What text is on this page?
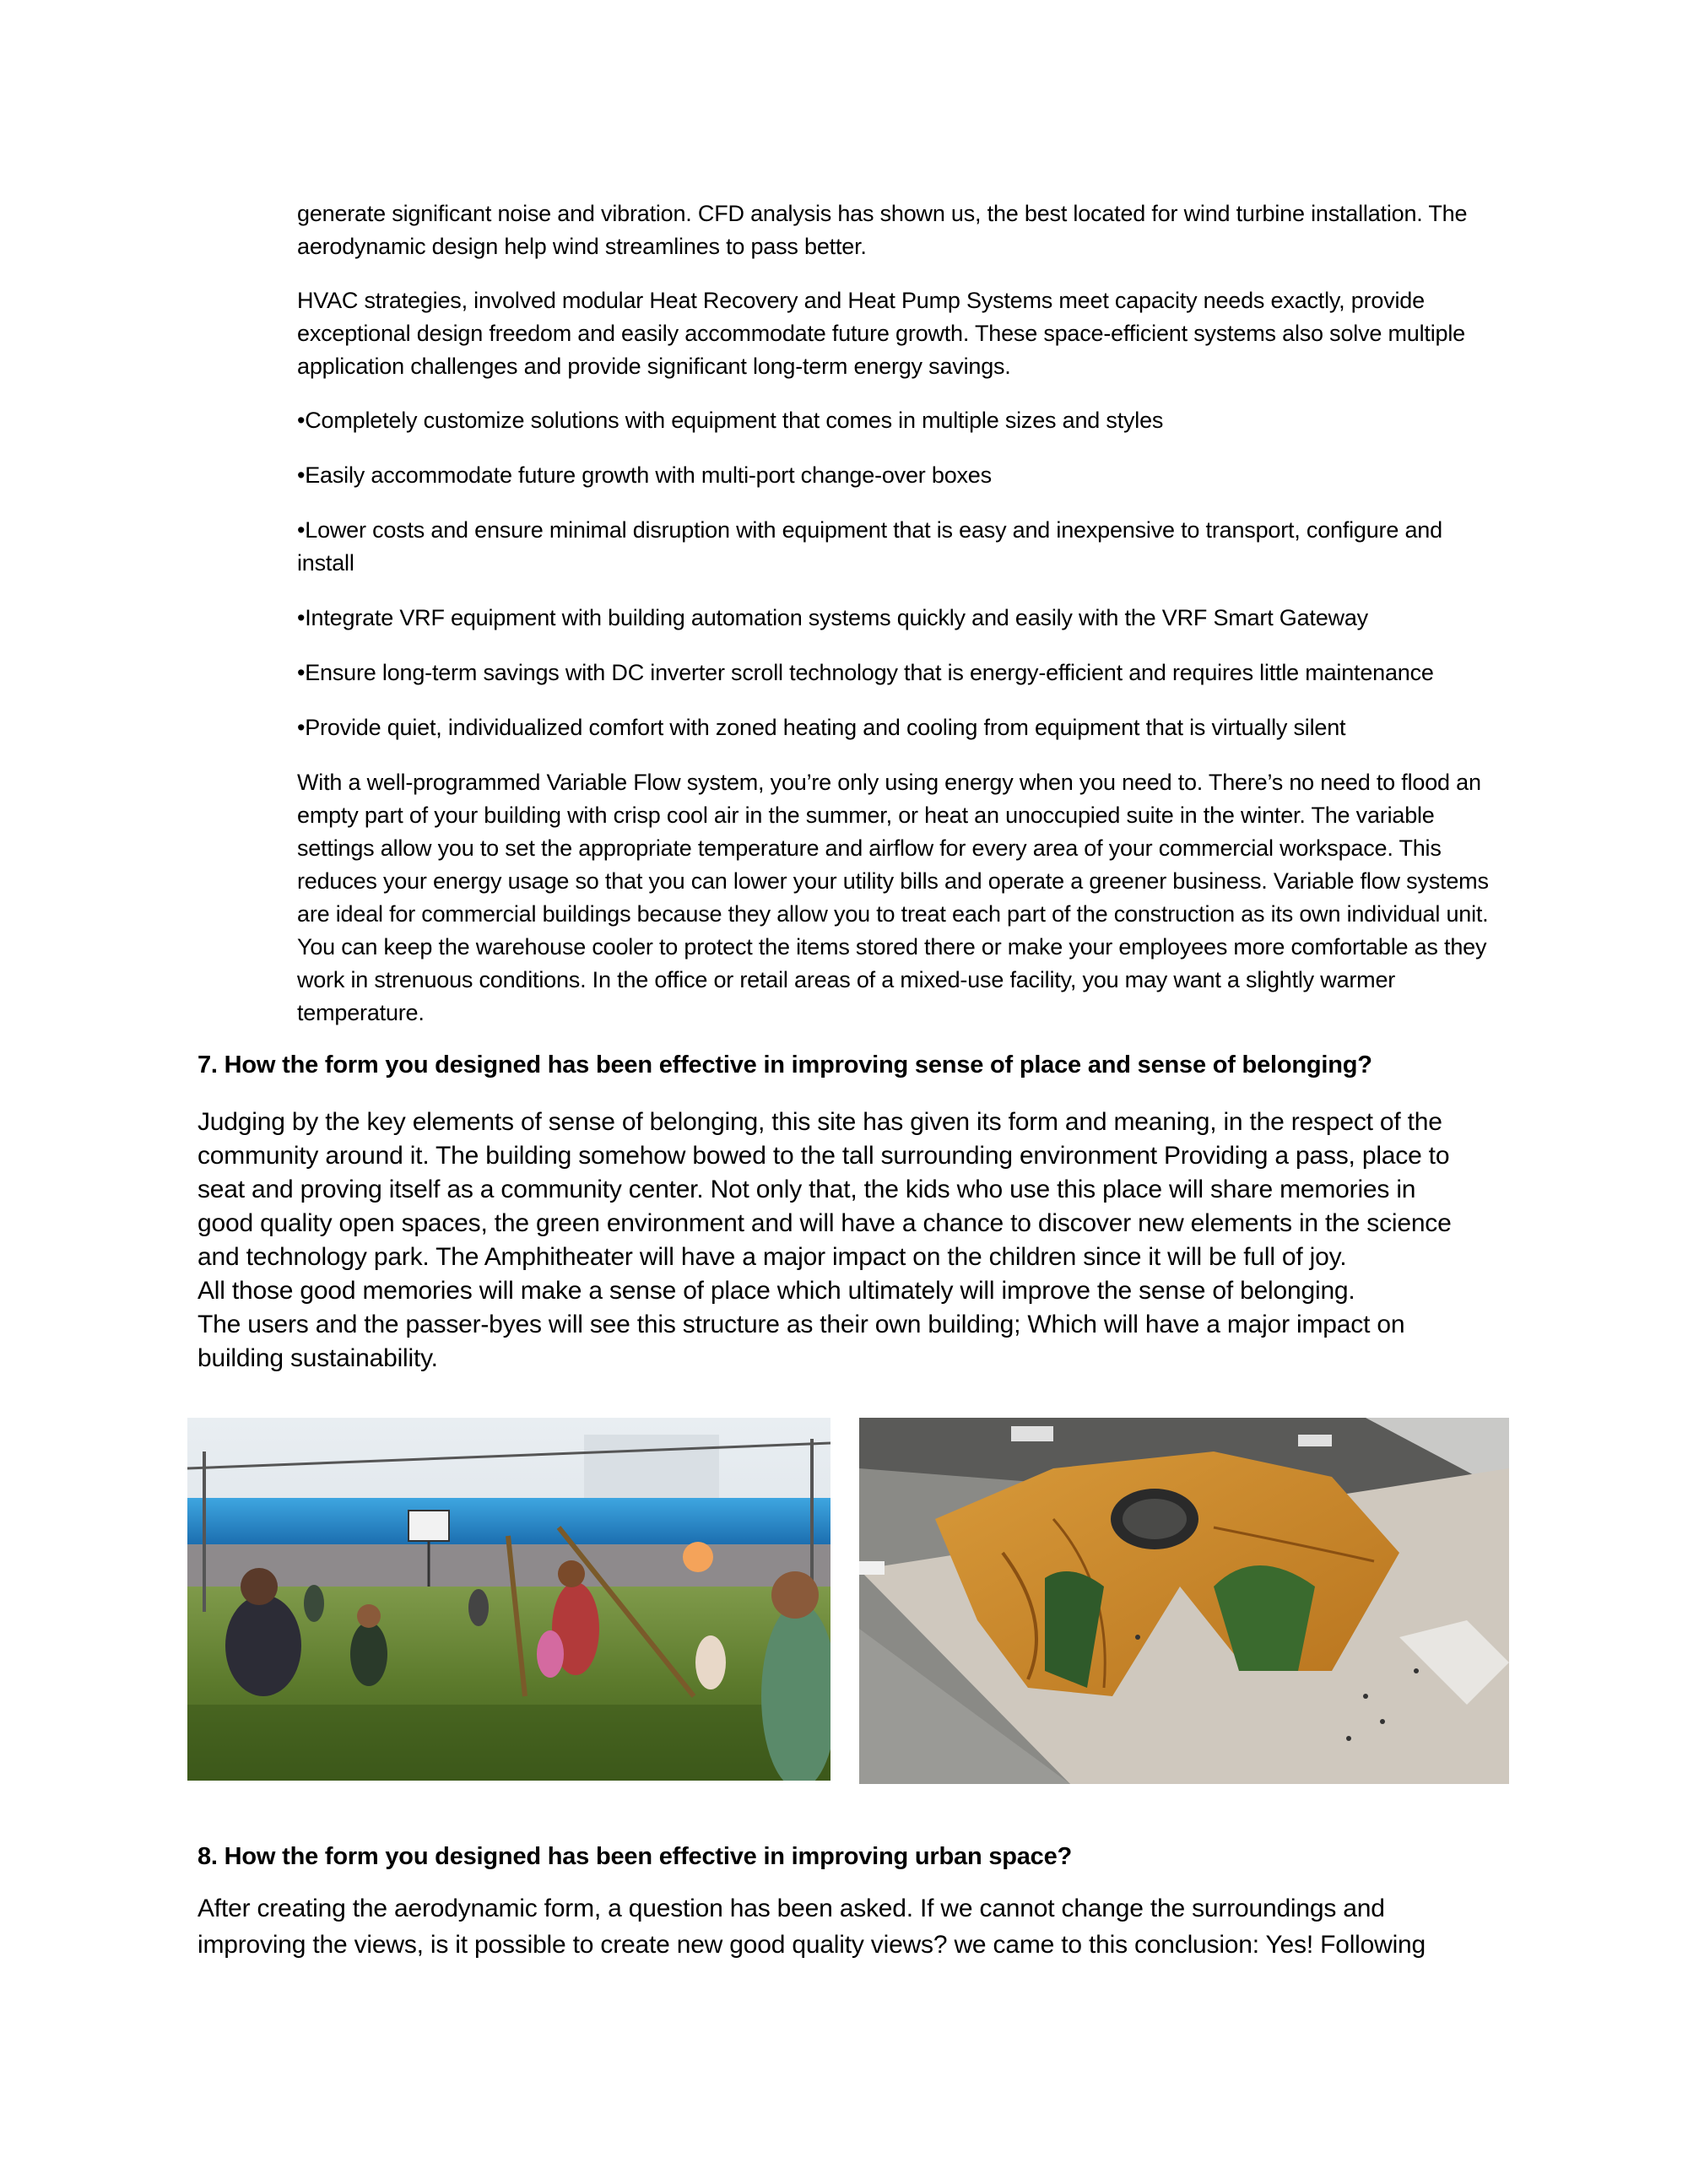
generate significant noise and vibration. CFD analysis has shown us, the best located for wind turbine installation. The aerodynamic design help wind streamlines to pass better.

HVAC strategies, involved modular Heat Recovery and Heat Pump Systems meet capacity needs exactly, provide exceptional design freedom and easily accommodate future growth. These space-efficient systems also solve multiple application challenges and provide significant long-term energy savings.

•Completely customize solutions with equipment that comes in multiple sizes and styles

•Easily accommodate future growth with multi-port change-over boxes

•Lower costs and ensure minimal disruption with equipment that is easy and inexpensive to transport, configure and install

•Integrate VRF equipment with building automation systems quickly and easily with the VRF Smart Gateway

•Ensure long-term savings with DC inverter scroll technology that is energy-efficient and requires little maintenance

•Provide quiet, individualized comfort with zoned heating and cooling from equipment that is virtually silent

With a well-programmed Variable Flow system, you’re only using energy when you need to. There’s no need to flood an empty part of your building with crisp cool air in the summer, or heat an unoccupied suite in the winter. The variable settings allow you to set the appropriate temperature and airflow for every area of your commercial workspace. This reduces your energy usage so that you can lower your utility bills and operate a greener business. Variable flow systems are ideal for commercial buildings because they allow you to treat each part of the construction as its own individual unit. You can keep the warehouse cooler to protect the items stored there or make your employees more comfortable as they work in strenuous conditions. In the office or retail areas of a mixed-use facility, you may want a slightly warmer temperature.

7. How the form you designed has been effective in improving sense of place and sense of belonging?

Judging by the key elements of sense of belonging, this site has given its form and meaning, in the respect of the
community around it. The building somehow bowed to the tall surrounding environment Providing a pass, place to
seat and proving itself as a community center. Not only that, the kids who use this place will share memories in
good quality open spaces, the green environment and will have a chance to discover new elements in the science
and technology park. The Amphitheater will have a major impact on the children since it will be full of joy.
All those good memories will make a sense of place which ultimately will improve the sense of belonging.
The users and the passer-byes will see this structure as their own building; Which will have a major impact on
building sustainability.

8. How the form you designed has been effective in improving urban space?

After creating the aerodynamic form, a question has been asked. If we cannot change the surroundings and
improving the views, is it possible to create new good quality views? we came to this conclusion: Yes! Following
